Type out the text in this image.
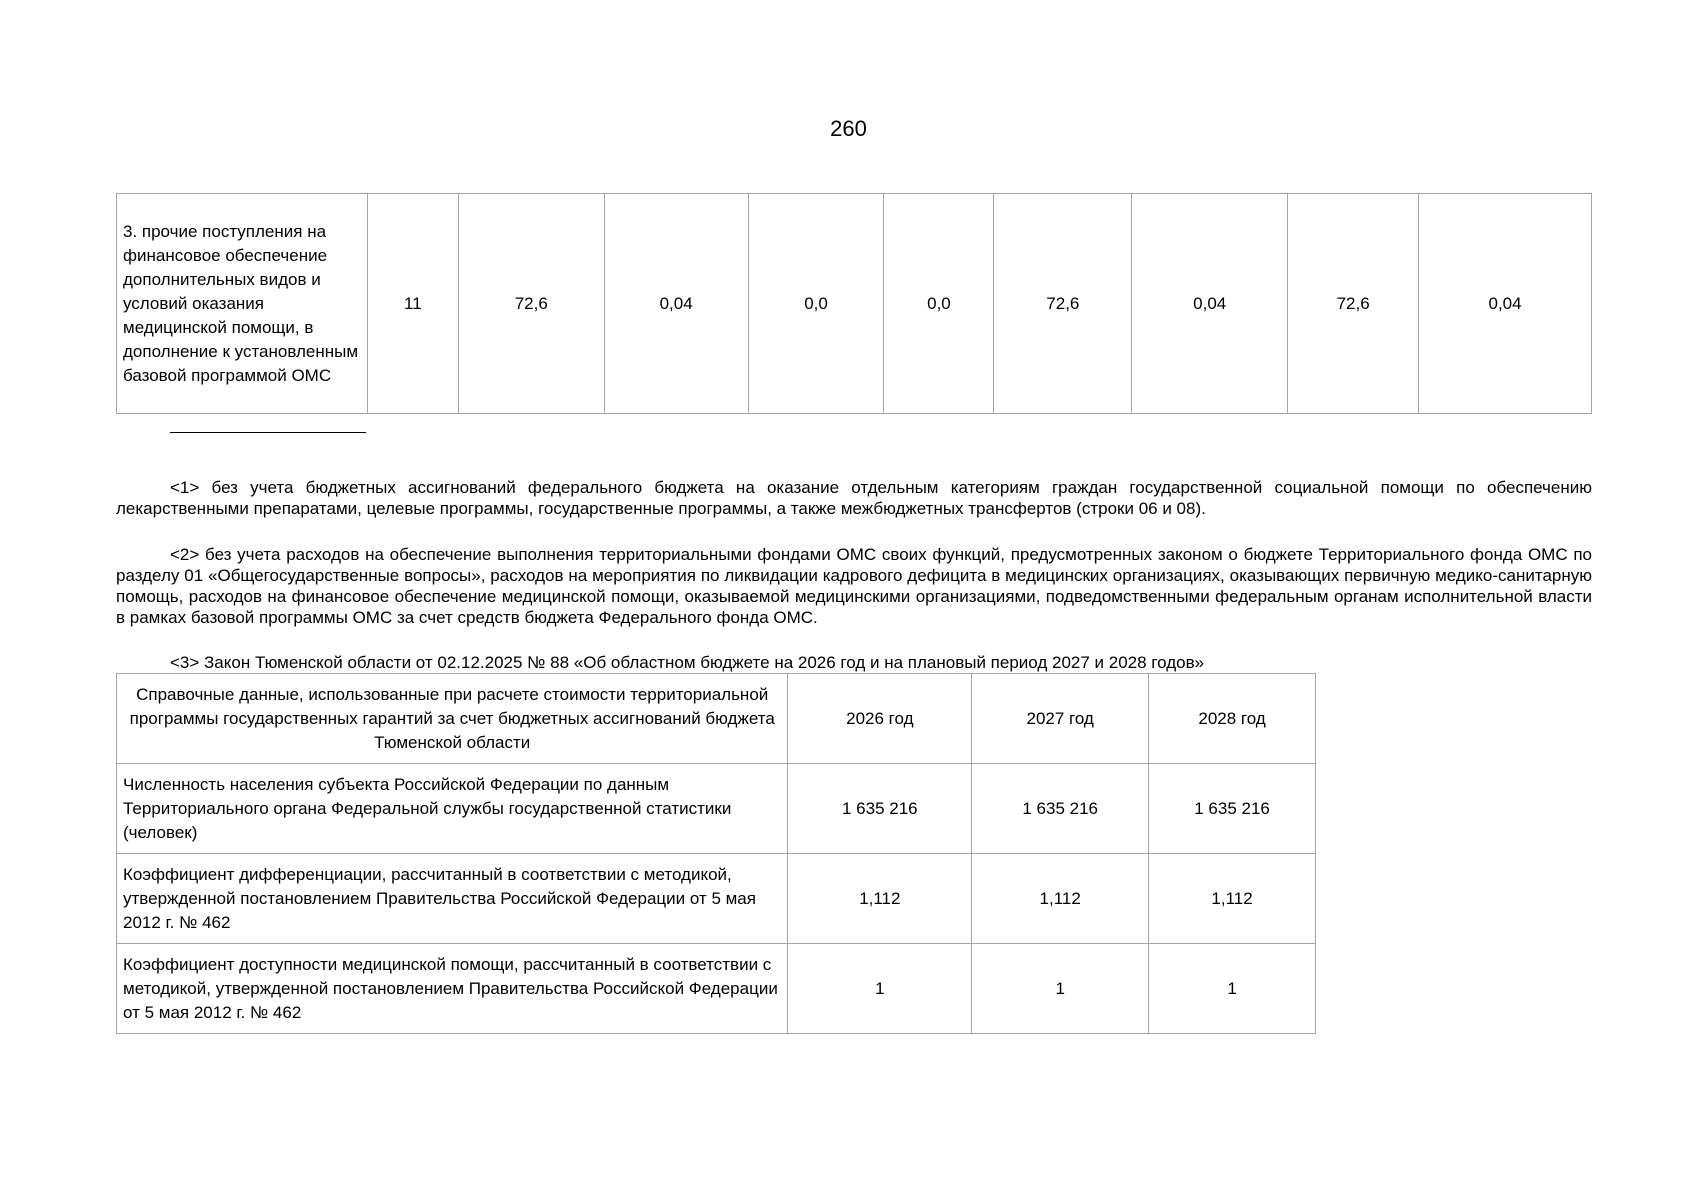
260
3. прочие поступления на финансовое обеспечение дополнительных видов и условий оказания медицинской помощи, в дополнение к установленным базовой программой ОМС	11	72,6	0,04	0,0	0,0	72,6	0,04	72,6	0,04
<1> без учета бюджетных ассигнований федерального бюджета на оказание отдельным категориям граждан государственной социальной помощи по обеспечению лекарственными препаратами, целевые программы, государственные программы, а также межбюджетных трансфертов (строки 06 и 08).
<2> без учета расходов на обеспечение выполнения территориальными фондами ОМС своих функций, предусмотренных законом о бюджете Территориального фонда ОМС по разделу 01 «Общегосударственные вопросы», расходов на мероприятия по ликвидации кадрового дефицита в медицинских организациях, оказывающих первичную медико-санитарную помощь, расходов на финансовое обеспечение медицинской помощи, оказываемой медицинскими организациями, подведомственными федеральным органам исполнительной власти в рамках базовой программы ОМС за счет средств бюджета Федерального фонда ОМС.
<3> Закон Тюменской области от 02.12.2025 № 88 «Об областном бюджете на 2026 год и на плановый период 2027 и 2028 годов»
Справочные данные, использованные при расчете стоимости территориальной программы государственных гарантий за счет бюджетных ассигнований бюджета Тюменской области	2026 год	2027 год	2028 год
Численность населения субъекта Российской Федерации по данным Территориального органа Федеральной службы государственной статистики (человек)	1 635 216	1 635 216	1 635 216
Коэффициент дифференциации, рассчитанный в соответствии с методикой, утвержденной постановлением Правительства Российской Федерации от 5 мая 2012 г. № 462	1,112	1,112	1,112
Коэффициент доступности медицинской помощи, рассчитанный в соответствии с методикой, утвержденной постановлением Правительства Российской Федерации от 5 мая 2012 г. № 462	1	1	1
